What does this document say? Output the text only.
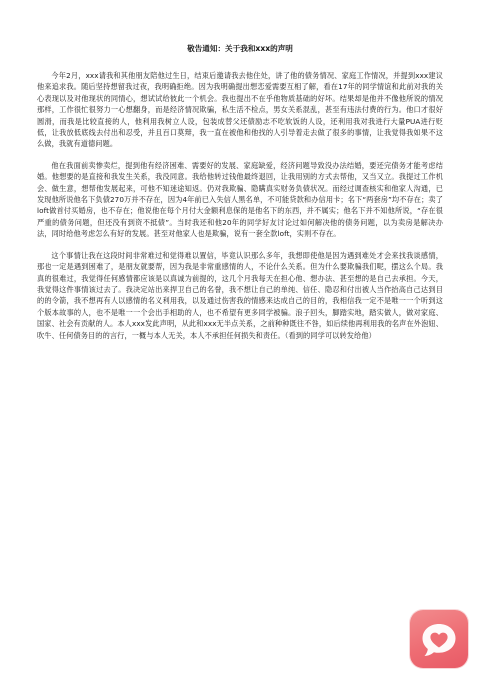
敬告通知：关于我和xxx的声明

今年2月，xxx请我和其他朋友陪他过生日，结束后邀请我去他住处，讲了他的债务情况、家庭工作情况，并提到xxx建议他来追求我。随后坚持想留我过夜，我明确拒绝。因为我明确提出想恋爱需要互相了解，看在17年的同学情谊和此前对我的关心表现以及对他现状的同情心，想试试给彼此一个机会。我也提出不在乎他物质基础的好坏。结果却是他并不像他所说的情况那样，工作很忙很努力一心想翻身，而是经济情况欺骗，私生活不检点，男女关系混乱，甚至有违法付费的行为。他口才很好圆滑，而我是比较直接的人，他利用我树立人设，包装成替父还债励志不吃软饭的人设，还利用我对我进行大量PUA进行贬低，让我放低底线去付出和忍受，并且百口莫辩，我一直在被他和他找的人引导着走去做了很多的事情，让我觉得我如果不这么做，我就有道德问题。

他在我面前卖惨卖烂，提到他有经济困难、需要好的发展、家庭缺爱，经济问题导致没办法结婚，要还完债务才能考虑结婚。他想要的是直接和我发生关系，我没同意。我给他转过钱他最终退回，让我用别的方式去帮他，又当又立。我提过工作机会、做生意，想帮他发展起来，可他不知迷途知返。仍对我欺骗、隐瞒真实财务负债状况。而经过调查核实和他家人沟通，已发现他所说他名下负债270万并不存在，因为4年前已入失信人黑名单，不可能贷款和办信用卡；名下“两套房”均不存在；卖了loft做首付买婚房，也不存在；他说他在每个月付大金额利息保的是他名下的东西，并不属实；他名下并不知他所说，“存在很严重的债务问题，但还没有到资不抵债”。当时我还和他20年的同学好友讨论过如何解决他的债务问题，以为卖房是解决办法，同时给他考虑怎么有好的发展。甚至对他家人也是欺骗，说有一套全款loft，实则不存在。

这个事情让我在这段时间非常难过和觉得难以置信，毕竟认识那么多年，我想即使他是因为遇到难处才会来找我谈感情，那也一定是遇到困难了，是朋友就要帮，因为我是非常重感情的人，不论什么关系。但为什么要欺骗我们呢，摆这么个局。我真的很难过，我觉得任何感情都应该是以真诚为前提的，这几个月我每天在担心他、想办法、甚至想的是自己去承担。今天，我觉得这件事情该过去了。我决定站出来捍卫自己的名誉，我不想让自己的单纯、信任、隐忍和付出被人当作抬高自己达到目的的令箭，我不想再有人以感情的名义利用我，以及通过伤害我的情感来达成自己的目的，我相信我一定不是唯一一个听到这个版本故事的人，也不是唯一一个会出手相助的人，也不希望有更多同学被骗。浪子回头，脚踏实地，踏实做人，做对家庭、国家、社会有贡献的人。本人xxx发此声明，从此和xxx无半点关系，之前种种既往不咎，如后续他再利用我的名声在外泡妞、吹牛、任何债务目的的言行，一概与本人无关，本人不承担任何损失和责任。（看到的同学可以转发给他）
